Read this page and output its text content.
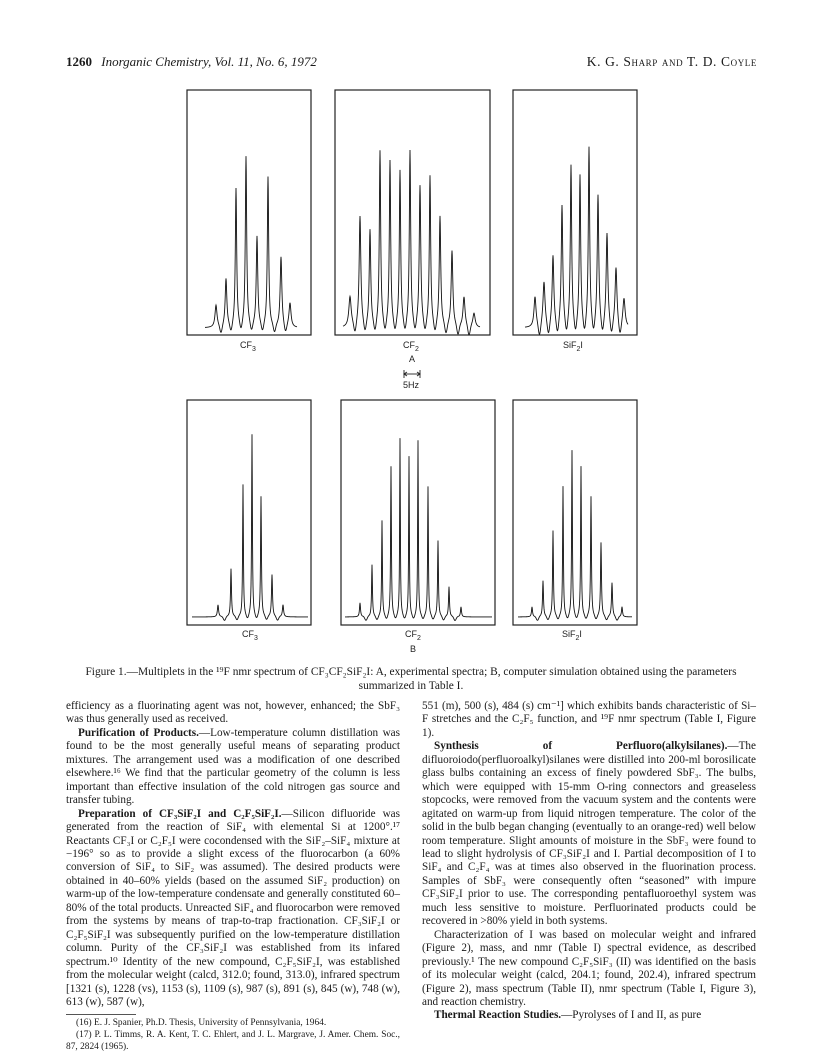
1260 Inorganic Chemistry, Vol. 11, No. 6, 1972	K. G. Sharp and T. D. Coyle
$CF_3$	$CF_2$	SiF$_2$I
A
5Hz
$CF_3$	$CF_2$	SiF$_2$I
B
Figure 1.—Multiplets in the ¹⁹F nmr spectrum of CF₃CF₂SiF₂I: A, experimental spectra; B, computer simulation obtained using the parameters summarized in Table I.

efficiency as a fluorinating agent was not, however, enhanced; the SbF₃ was thus generally used as received.

Purification of Products.—Low-temperature column distillation was found to be the most generally useful means of separating product mixtures. The arrangement used was a modification of one described elsewhere.¹⁶ We find that the particular geometry of the column is less important than effective insulation of the cold nitrogen gas source and transfer tubing.

Preparation of CF₃SiF₂I and C₂F₅SiF₂I.—Silicon difluoride was generated from the reaction of SiF₄ with elemental Si at 1200°.¹⁷ Reactants CF₃I or C₂F₅I were cocondensed with the SiF₂–SiF₄ mixture at −196° so as to provide a slight excess of the fluorocarbon (a 60% conversion of SiF₄ to SiF₂ was assumed). The desired products were obtained in 40–60% yields (based on the assumed SiF₂ production) on warm-up of the low-temperature condensate and generally constituted 60–80% of the total products. Unreacted SiF₄ and fluorocarbon were removed from the systems by means of trap-to-trap fractionation. CF₃SiF₂I or C₂F₅SiF₂I was subsequently purified on the low-temperature distillation column. Purity of the CF₃SiF₂I was established from its infared spectrum.¹⁰ Identity of the new compound, C₂F₅SiF₂I, was established from the molecular weight (calcd, 312.0; found, 313.0), infrared spectrum [1321 (s), 1228 (vs), 1153 (s), 1109 (s), 987 (s), 891 (s), 845 (w), 748 (w), 613 (w), 587 (w),

(16) E. J. Spanier, Ph.D. Thesis, University of Pennsylvania, 1964.

(17) P. L. Timms, R. A. Kent, T. C. Ehlert, and J. L. Margrave, J. Amer. Chem. Soc., 87, 2824 (1965).

551 (m), 500 (s), 484 (s) cm⁻¹] which exhibits bands characteristic of Si–F stretches and the C₂F₅ function, and ¹⁹F nmr spectrum (Table I, Figure 1).

Synthesis of Perfluoro(alkylsilanes).—The difluoroiodo(perfluoroalkyl)silanes were distilled into 200-ml borosilicate glass bulbs containing an excess of finely powdered SbF₃. The bulbs, which were equipped with 15-mm O-ring connectors and greaseless stopcocks, were removed from the vacuum system and the contents were agitated on warm-up from liquid nitrogen temperature. The color of the solid in the bulb began changing (eventually to an orange-red) well below room temperature. Slight amounts of moisture in the SbF₃ were found to lead to slight hydrolysis of CF₃SiF₂I and I. Partial decomposition of I to SiF₄ and C₂F₄ was at times also observed in the fluorination process. Samples of SbF₃ were consequently often “seasoned” with impure CF₃SiF₂I prior to use. The corresponding pentafluoroethyl system was much less sensitive to moisture. Perfluorinated products could be recovered in >80% yield in both systems.

Characterization of I was based on molecular weight and infrared (Figure 2), mass, and nmr (Table I) spectral evidence, as described previously.¹ The new compound C₂F₅SiF₃ (II) was identified on the basis of its molecular weight (calcd, 204.1; found, 202.4), infrared spectrum (Figure 2), mass spectrum (Table II), nmr spectrum (Table I, Figure 3), and reaction chemistry.

Thermal Reaction Studies.—Pyrolyses of I and II, as pure
